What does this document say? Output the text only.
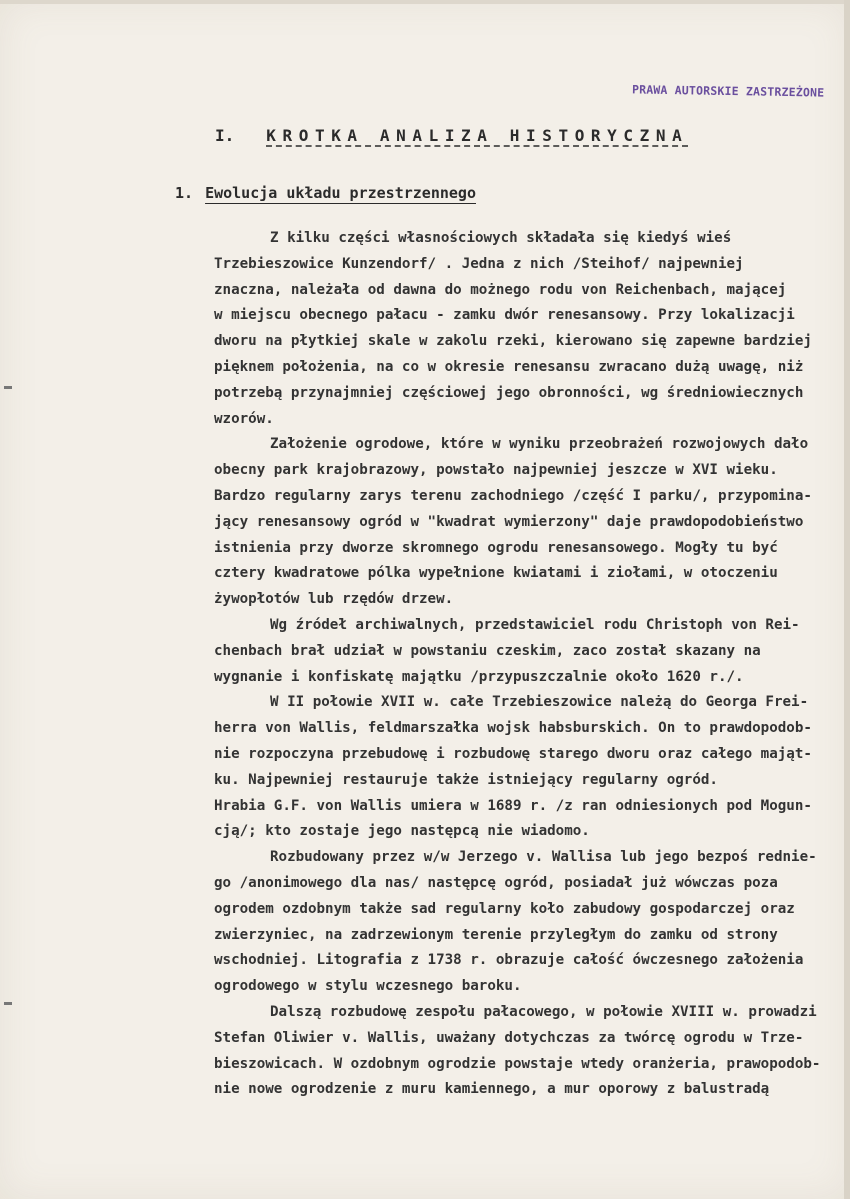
PRAWA AUTORSKIE ZASTRZEŻONE
I. KROTKA ANALIZA HISTORYCZNA
1. Ewolucja układu przestrzennego
Z kilku części własnościowych składała się kiedyś wieś
Trzebieszowice Kunzendorf/ . Jedna z nich /Steihof/ najpewniej
znaczna, należała od dawna do możnego rodu von Reichenbach, mającej
w miejscu obecnego pałacu - zamku dwór renesansowy. Przy lokalizacji
dworu na płytkiej skale w zakolu rzeki, kierowano się zapewne bardziej
pięknem położenia, na co w okresie renesansu zwracano dużą uwagę, niż
potrzebą przynajmniej częściowej jego obronności, wg średniowiecznych
wzorów.
Założenie ogrodowe, które w wyniku przeobrażeń rozwojowych dało
obecny park krajobrazowy, powstało najpewniej jeszcze w XVI wieku.
Bardzo regularny zarys terenu zachodniego /część I parku/, przypomina-
jący renesansowy ogród w "kwadrat wymierzony" daje prawdopodobieństwo
istnienia przy dworze skromnego ogrodu renesansowego. Mogły tu być
cztery kwadratowe pólka wypełnione kwiatami i ziołami, w otoczeniu
żywopłotów lub rzędów drzew.
Wg źródeł archiwalnych, przedstawiciel rodu Christoph von Rei-
chenbach brał udział w powstaniu czeskim, zaco został skazany na
wygnanie i konfiskatę majątku /przypuszczalnie około 1620 r./.
W II połowie XVII w. całe Trzebieszowice należą do Georga Frei-
herra von Wallis, feldmarszałka wojsk habsburskich. On to prawdopodob-
nie rozpoczyna przebudowę i rozbudowę starego dworu oraz całego mająt-
ku. Najpewniej restauruje także istniejący regularny ogród.
Hrabia G.F. von Wallis umiera w 1689 r. /z ran odniesionych pod Mogun-
cją/; kto zostaje jego następcą nie wiadomo.
Rozbudowany przez w/w Jerzego v. Wallisa lub jego bezpoś rednie-
go /anonimowego dla nas/ następcę ogród, posiadał już wówczas poza
ogrodem ozdobnym także sad regularny koło zabudowy gospodarczej oraz
zwierzyniec, na zadrzewionym terenie przyległym do zamku od strony
wschodniej. Litografia z 1738 r. obrazuje całość ówczesnego założenia
ogrodowego w stylu wczesnego baroku.
Dalszą rozbudowę zespołu pałacowego, w połowie XVIII w. prowadzi
Stefan Oliwier v. Wallis, uważany dotychczas za twórcę ogrodu w Trze-
bieszowicach. W ozdobnym ogrodzie powstaje wtedy oranżeria, prawopodob-
nie nowe ogrodzenie z muru kamiennego, a mur oporowy z balustradą
